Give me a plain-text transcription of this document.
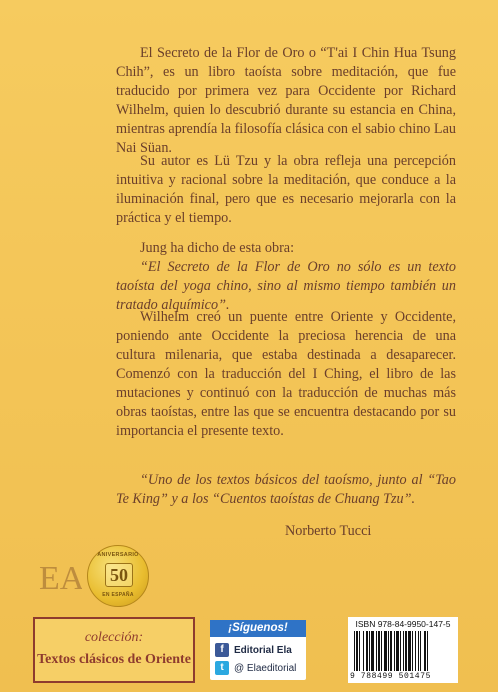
El Secreto de la Flor de Oro o “T'ai I Chin Hua Tsung Chih”, es un libro taoísta sobre meditación, que fue traducido por primera vez para Occidente por Richard Wilhelm, quien lo descubrió durante su estancia en China, mientras aprendía la filosofía clásica con el sabio chino Lau Nai Süan.

Su autor es Lü Tzu y la obra refleja una percepción intuitiva y racional sobre la meditación, que conduce a la iluminación final, pero que es necesario mejorarla con la práctica y el tiempo.

Jung ha dicho de esta obra:
“El Secreto de la Flor de Oro no sólo es un texto taoísta del yoga chino, sino al mismo tiempo también un tratado alquímico”.

Wilhelm creó un puente entre Oriente y Occidente, poniendo ante Occidente la preciosa herencia de una cultura milenaria, que estaba destinada a desaparecer. Comenzó con la traducción del I Ching, el libro de las mutaciones y continuó con la traducción de muchas más obras taoístas, entre las que se encuentra destacando por su importancia el presente texto.

“Uno de los textos básicos del taoísmo, junto al “Tao Te King” y a los “Cuentos taoístas de Chuang Tzu”.

Norberto Tucci
EA
ANIVERSARIO
50
EN ESPAÑA
colección:
Textos clásicos de Oriente
¡Síguenos!
f	Editorial Ela
t	@ Elaeditorial
ISBN 978-84-9950-147-5
9 788499 501475
